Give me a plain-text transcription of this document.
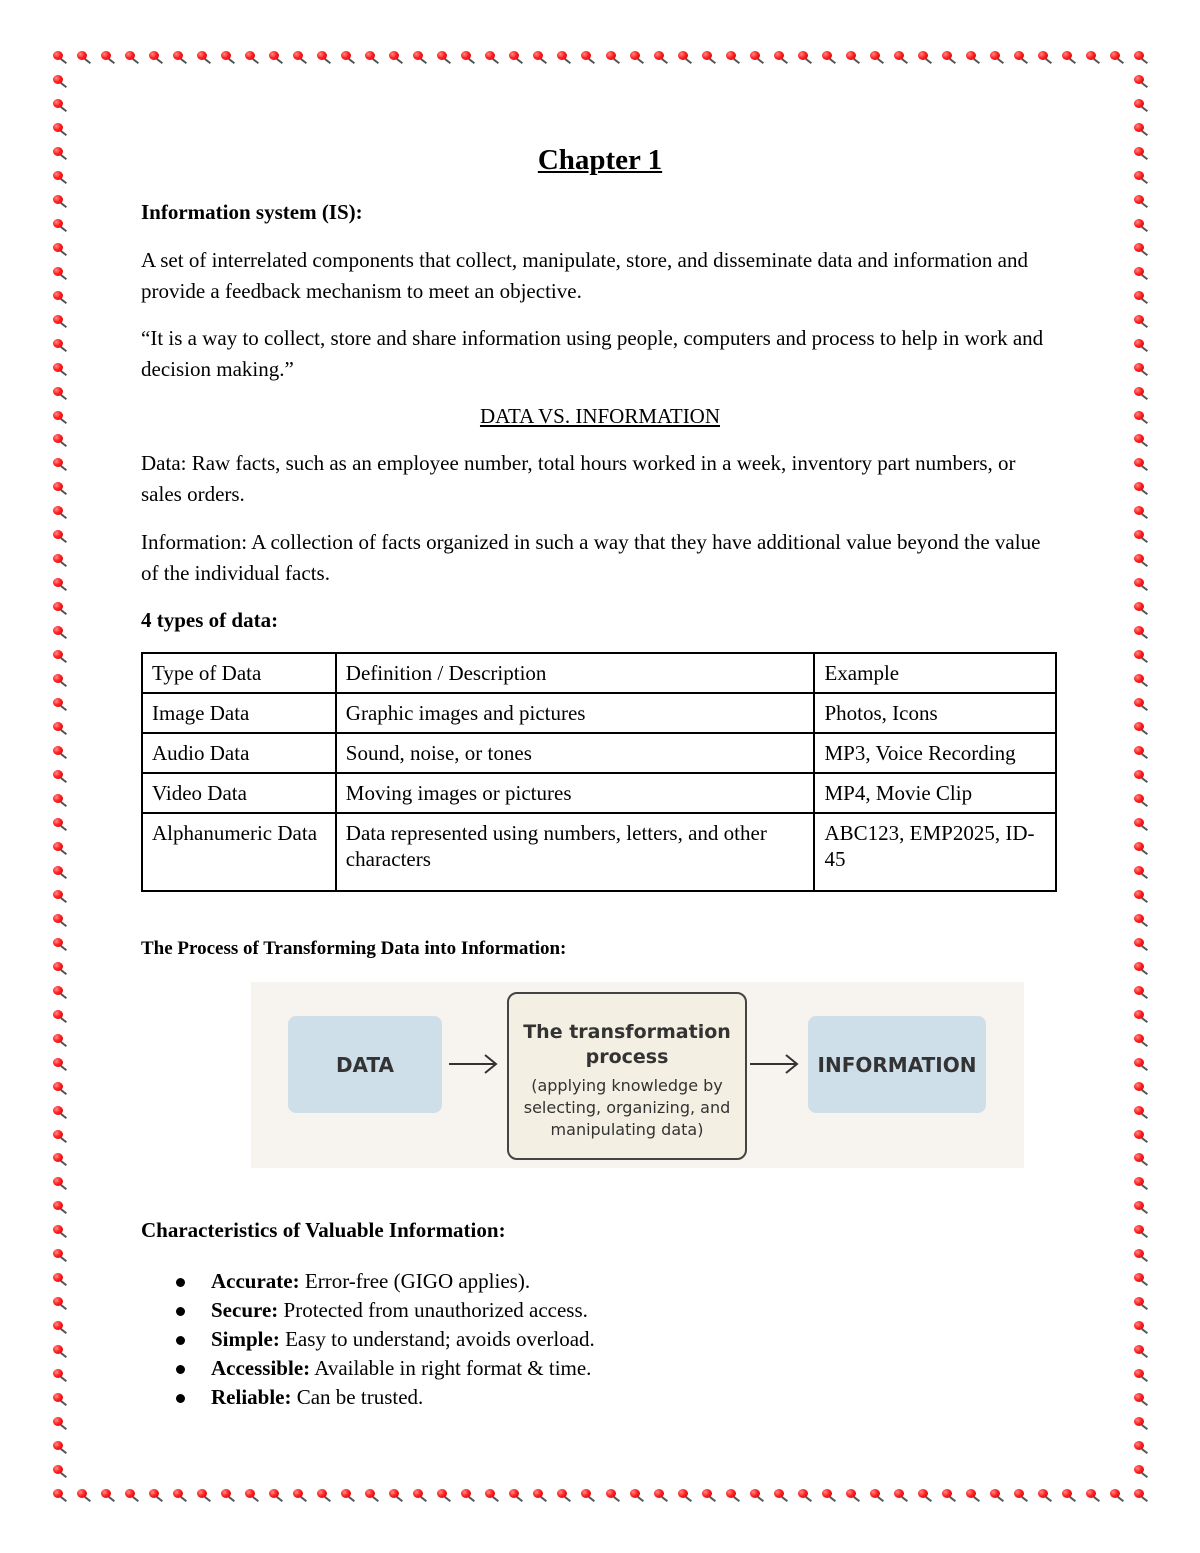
Chapter 1
Information system (IS):
A set of interrelated components that collect, manipulate, store, and disseminate data and information and provide a feedback mechanism to meet an objective.
“It is a way to collect, store and share information using people, computers and process to help in work and decision making.”
DATA VS. INFORMATION
Data: Raw facts, such as an employee number, total hours worked in a week, inventory part numbers, or sales orders.
Information: A collection of facts organized in such a way that they have additional value beyond the value of the individual facts.
4 types of data:
Type of Data	Definition / Description	Example
Image Data	Graphic images and pictures	Photos, Icons
Audio Data	Sound, noise, or tones	MP3, Voice Recording
Video Data	Moving images or pictures	MP4, Movie Clip
Alphanumeric Data	Data represented using numbers, letters, and other characters	ABC123, EMP2025, ID-45
The Process of Transforming Data into Information:
Characteristics of Valuable Information:
Accurate: Error-free (GIGO applies).
Secure: Protected from unauthorized access.
Simple: Easy to understand; avoids overload.
Accessible: Available in right format & time.
Reliable: Can be trusted.
DATA
The transformation process
(applying knowledge by selecting, organizing, and manipulating data)
INFORMATION
